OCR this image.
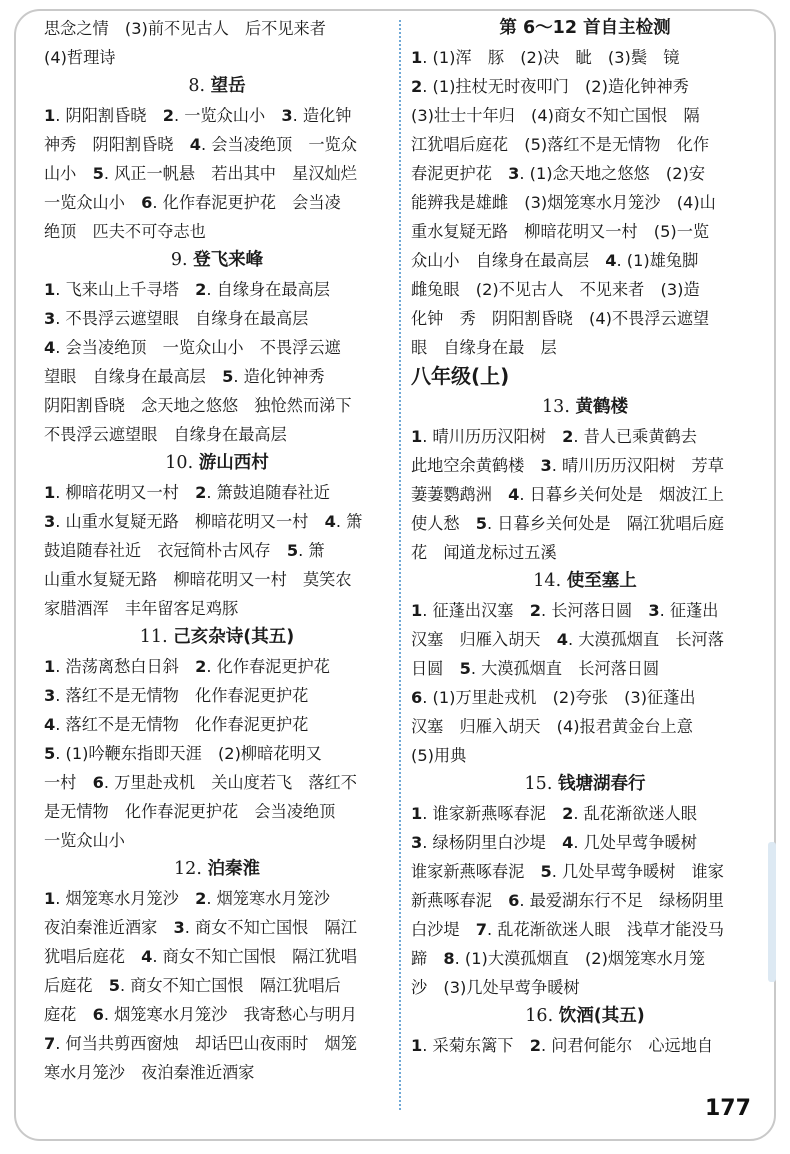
思念之情　(3)前不见古人　后不见来者
(4)哲理诗
8. 望岳
1. 阴阳割昏晓　2. 一览众山小　3. 造化钟
神秀　阴阳割昏晓　4. 会当凌绝顶　一览众
山小　5. 风正一帆悬　若出其中　星汉灿烂
一览众山小　6. 化作春泥更护花　会当凌
绝顶　匹夫不可夺志也
9. 登飞来峰
1. 飞来山上千寻塔　2. 自缘身在最高层
3. 不畏浮云遮望眼　自缘身在最高层
4. 会当凌绝顶　一览众山小　不畏浮云遮
望眼　自缘身在最高层　5. 造化钟神秀
阴阳割昏晓　念天地之悠悠　独怆然而涕下
不畏浮云遮望眼　自缘身在最高层
10. 游山西村
1. 柳暗花明又一村　2. 箫鼓追随春社近
3. 山重水复疑无路　柳暗花明又一村　4. 箫
鼓追随春社近　衣冠简朴古风存　5. 箫
山重水复疑无路　柳暗花明又一村　莫笑农
家腊酒浑　丰年留客足鸡豚
11. 己亥杂诗(其五)
1. 浩荡离愁白日斜　2. 化作春泥更护花
3. 落红不是无情物　化作春泥更护花
4. 落红不是无情物　化作春泥更护花
5. (1)吟鞭东指即天涯　(2)柳暗花明又
一村　6. 万里赴戎机　关山度若飞　落红不
是无情物　化作春泥更护花　会当凌绝顶
一览众山小
12. 泊秦淮
1. 烟笼寒水月笼沙　2. 烟笼寒水月笼沙
夜泊秦淮近酒家　3. 商女不知亡国恨　隔江
犹唱后庭花　4. 商女不知亡国恨　隔江犹唱
后庭花　5. 商女不知亡国恨　隔江犹唱后
庭花　6. 烟笼寒水月笼沙　我寄愁心与明月
7. 何当共剪西窗烛　却话巴山夜雨时　烟笼
寒水月笼沙　夜泊秦淮近酒家
第 6～12 首自主检测
1. (1)浑　豚　(2)决　眦　(3)鬓　镜
2. (1)拄杖无时夜叩门　(2)造化钟神秀
(3)壮士十年归　(4)商女不知亡国恨　隔
江犹唱后庭花　(5)落红不是无情物　化作
春泥更护花　3. (1)念天地之悠悠　(2)安
能辨我是雄雌　(3)烟笼寒水月笼沙　(4)山
重水复疑无路　柳暗花明又一村　(5)一览
众山小　自缘身在最高层　4. (1)雄兔脚
雌兔眼　(2)不见古人　不见来者　(3)造
化钟　秀　阴阳割昏晓　(4)不畏浮云遮望
眼　自缘身在最　层
八年级(上)
13. 黄鹤楼
1. 晴川历历汉阳树　2. 昔人已乘黄鹤去
此地空余黄鹤楼　3. 晴川历历汉阳树　芳草
萋萋鹦鹉洲　4. 日暮乡关何处是　烟波江上
使人愁　5. 日暮乡关何处是　隔江犹唱后庭
花　闻道龙标过五溪
14. 使至塞上
1. 征蓬出汉塞　2. 长河落日圆　3. 征蓬出
汉塞　归雁入胡天　4. 大漠孤烟直　长河落
日圆　5. 大漠孤烟直　长河落日圆
6. (1)万里赴戎机　(2)夸张　(3)征蓬出
汉塞　归雁入胡天　(4)报君黄金台上意
(5)用典
15. 钱塘湖春行
1. 谁家新燕啄春泥　2. 乱花渐欲迷人眼
3. 绿杨阴里白沙堤　4. 几处早莺争暖树
谁家新燕啄春泥　5. 几处早莺争暖树　谁家
新燕啄春泥　6. 最爱湖东行不足　绿杨阴里
白沙堤　7. 乱花渐欲迷人眼　浅草才能没马
蹄　8. (1)大漠孤烟直　(2)烟笼寒水月笼
沙　(3)几处早莺争暖树
16. 饮酒(其五)
1. 采菊东篱下　2. 问君何能尔　心远地自
177
